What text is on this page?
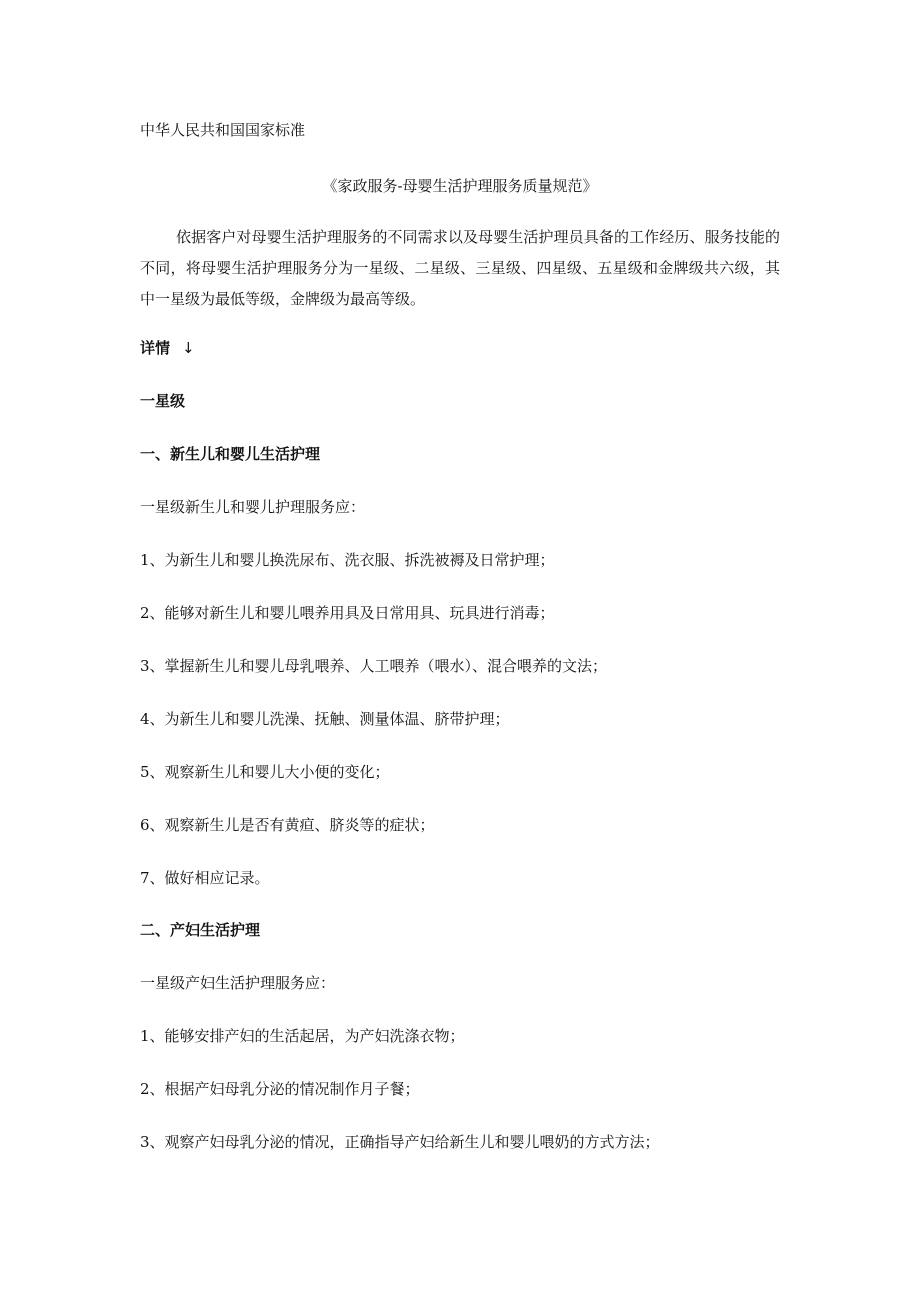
中华人民共和国国家标准
《家政服务-母婴生活护理服务质量规范》
依据客户对母婴生活护理服务的不同需求以及母婴生活护理员具备的工作经历、服务技能的不同，将母婴生活护理服务分为一星级、二星级、三星级、四星级、五星级和金牌级共六级，其中一星级为最低等级，金牌级为最高等级。
详情 ↓
一星级
一、新生儿和婴儿生活护理
一星级新生儿和婴儿护理服务应：
1、为新生儿和婴儿换洗尿布、洗衣服、拆洗被褥及日常护理；
2、能够对新生儿和婴儿喂养用具及日常用具、玩具进行消毒；
3、掌握新生儿和婴儿母乳喂养、人工喂养（喂水）、混合喂养的文法；
4、为新生儿和婴儿洗澡、抚触、测量体温、脐带护理；
5、观察新生儿和婴儿大小便的变化；
6、观察新生儿是否有黄疸、脐炎等的症状；
7、做好相应记录。
二、产妇生活护理
一星级产妇生活护理服务应：
1、能够安排产妇的生活起居，为产妇洗涤衣物；
2、根据产妇母乳分泌的情况制作月子餐；
3、观察产妇母乳分泌的情况，正确指导产妇给新生儿和婴儿喂奶的方式方法；
